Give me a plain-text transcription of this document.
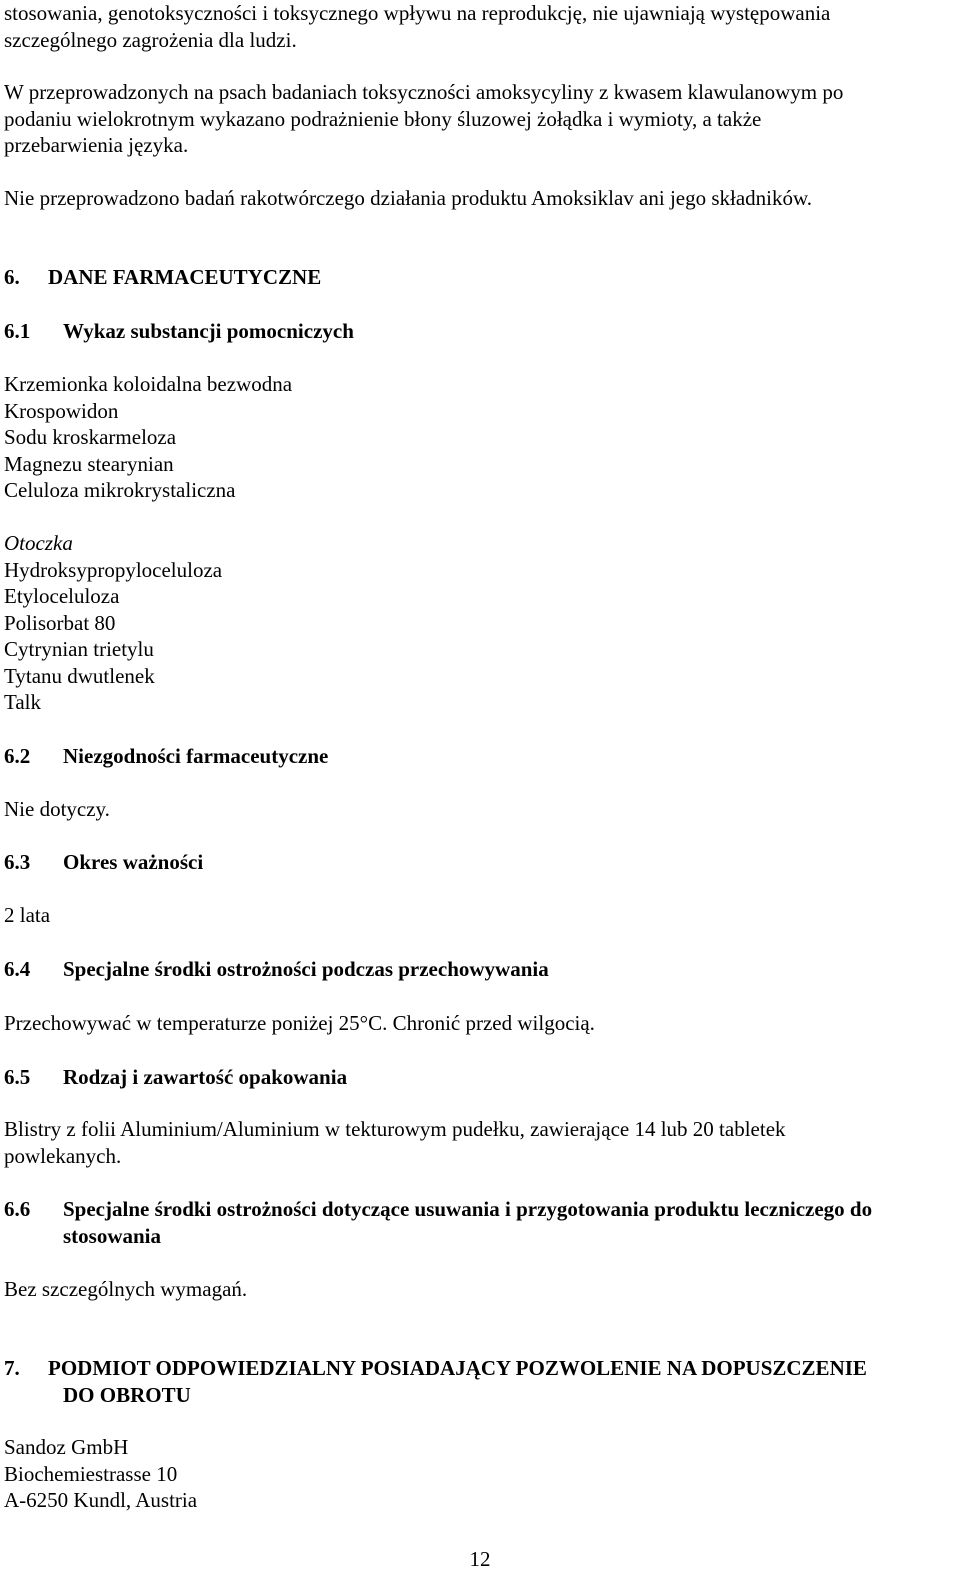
stosowania, genotoksyczności i toksycznego wpływu na reprodukcję, nie ujawniają występowania
szczególnego zagrożenia dla ludzi.
W przeprowadzonych na psach badaniach toksyczności amoksycyliny z kwasem klawulanowym po
podaniu wielokrotnym wykazano podrażnienie błony śluzowej żołądka i wymioty, a także
przebarwienia języka.

Nie przeprowadzono badań rakotwórczego działania produktu Amoksiklav ani jego składników.

6. DANE FARMACEUTYCZNE
6.1 Wykaz substancji pomocniczych
Krzemionka koloidalna bezwodna
Krospowidon
Sodu kroskarmeloza
Magnezu stearynian
Celuloza mikrokrystaliczna
Otoczka
Hydroksypropyloceluloza
Etyloceluloza
Polisorbat 80
Cytrynian trietylu
Tytanu dwutlenek
Talk
6.2 Niezgodności farmaceutyczne

Nie dotyczy.

6.3 Okres ważności

2 lata

6.4 Specjalne środki ostrożności podczas przechowywania

Przechowywać w temperaturze poniżej 25°C. Chronić przed wilgocią.

6.5 Rodzaj i zawartość opakowania
Blistry z folii Aluminium/Aluminium w tekturowym pudełku, zawierające 14 lub 20 tabletek
powlekanych.
6.6	Specjalne środki ostrożności dotyczące usuwania i przygotowania produktu leczniczego do
stosowania

Bez szczególnych wymagań.

7.	PODMIOT ODPOWIEDZIALNY POSIADAJĄCY POZWOLENIE NA DOPUSZCZENIE
DO OBROTU
Sandoz GmbH
Biochemiestrasse 10
A-6250 Kundl, Austria
12
